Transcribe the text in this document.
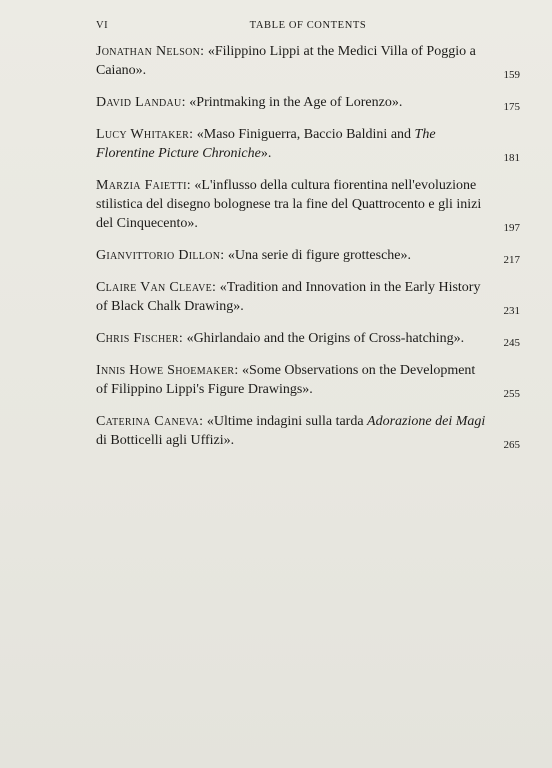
VI	TABLE OF CONTENTS
Jonathan Nelson: «Filippino Lippi at the Medici Villa of Poggio a Caiano».	159
David Landau: «Printmaking in the Age of Lorenzo».	175
Lucy Whitaker: «Maso Finiguerra, Baccio Baldini and The Florentine Picture Chroniche».	181
Marzia Faietti: «L'influsso della cultura fiorentina nell'evoluzione stilistica del disegno bolognese tra la fine del Quattrocento e gli inizi del Cinquecento».	197
Gianvittorio Dillon: «Una serie di figure grottesche».	217
Claire Van Cleave: «Tradition and Innovation in the Early History of Black Chalk Drawing».	231
Chris Fischer: «Ghirlandaio and the Origins of Cross-hatching».	245
Innis Howe Shoemaker: «Some Observations on the Development of Filippino Lippi's Figure Drawings».	255
Caterina Caneva: «Ultime indagini sulla tarda Adorazione dei Magi di Botticelli agli Uffizi».	265
